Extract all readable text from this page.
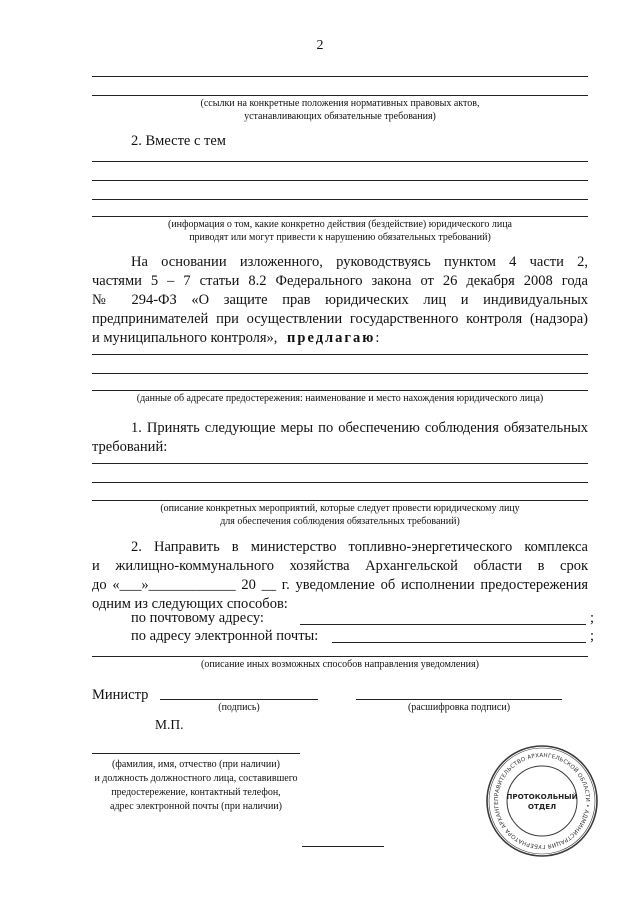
2
(ссылки на конкретные положения нормативных правовых актов,
устанавливающих обязательные требования)
2. Вместе с тем
(информация о том, какие конкретно действия (бездействие) юридического лица
приводят или могут привести к нарушению обязательных требований)
На основании изложенного, руководствуясь пунктом 4 части 2,
частями 5 – 7 статьи 8.2 Федерального закона от 26 декабря 2008 года
№ 294-ФЗ «О защите прав юридических лиц и индивидуальных
предпринимателей при осуществлении государственного контроля (надзора)
и муниципального контроля», предлагаю:
(данные об адресате предостережения: наименование и место нахождения юридического лица)
1. Принять следующие меры по обеспечению соблюдения обязательных
требований:
(описание конкретных мероприятий, которые следует провести юридическому лицу
для обеспечения соблюдения обязательных требований)
2. Направить в министерство топливно-энергетического комплекса
и жилищно-коммунального хозяйства Архангельской области в срок
до «___»____________ 20 __ г. уведомление об исполнении предостережения
одним из следующих способов:
по почтовому адресу:	;
по адресу электронной почты:	;
(описание иных возможных способов направления уведомления)
Министр
(подпись)	(расшифровка подписи)
М.П.
(фамилия, имя, отчество (при наличии)
и должность должностного лица, составившего
предостережение, контактный телефон,
адрес электронной почты (при наличии)
ПРАВИТЕЛЬСТВО АРХАНГЕЛЬСКОЙ ОБЛАСТИ • АДМИНИСТРАЦИЯ ГУБЕРНАТОРА АРХАНГЕ
ПРОТОКОЛЬНЫЙ
ОТДЕЛ
